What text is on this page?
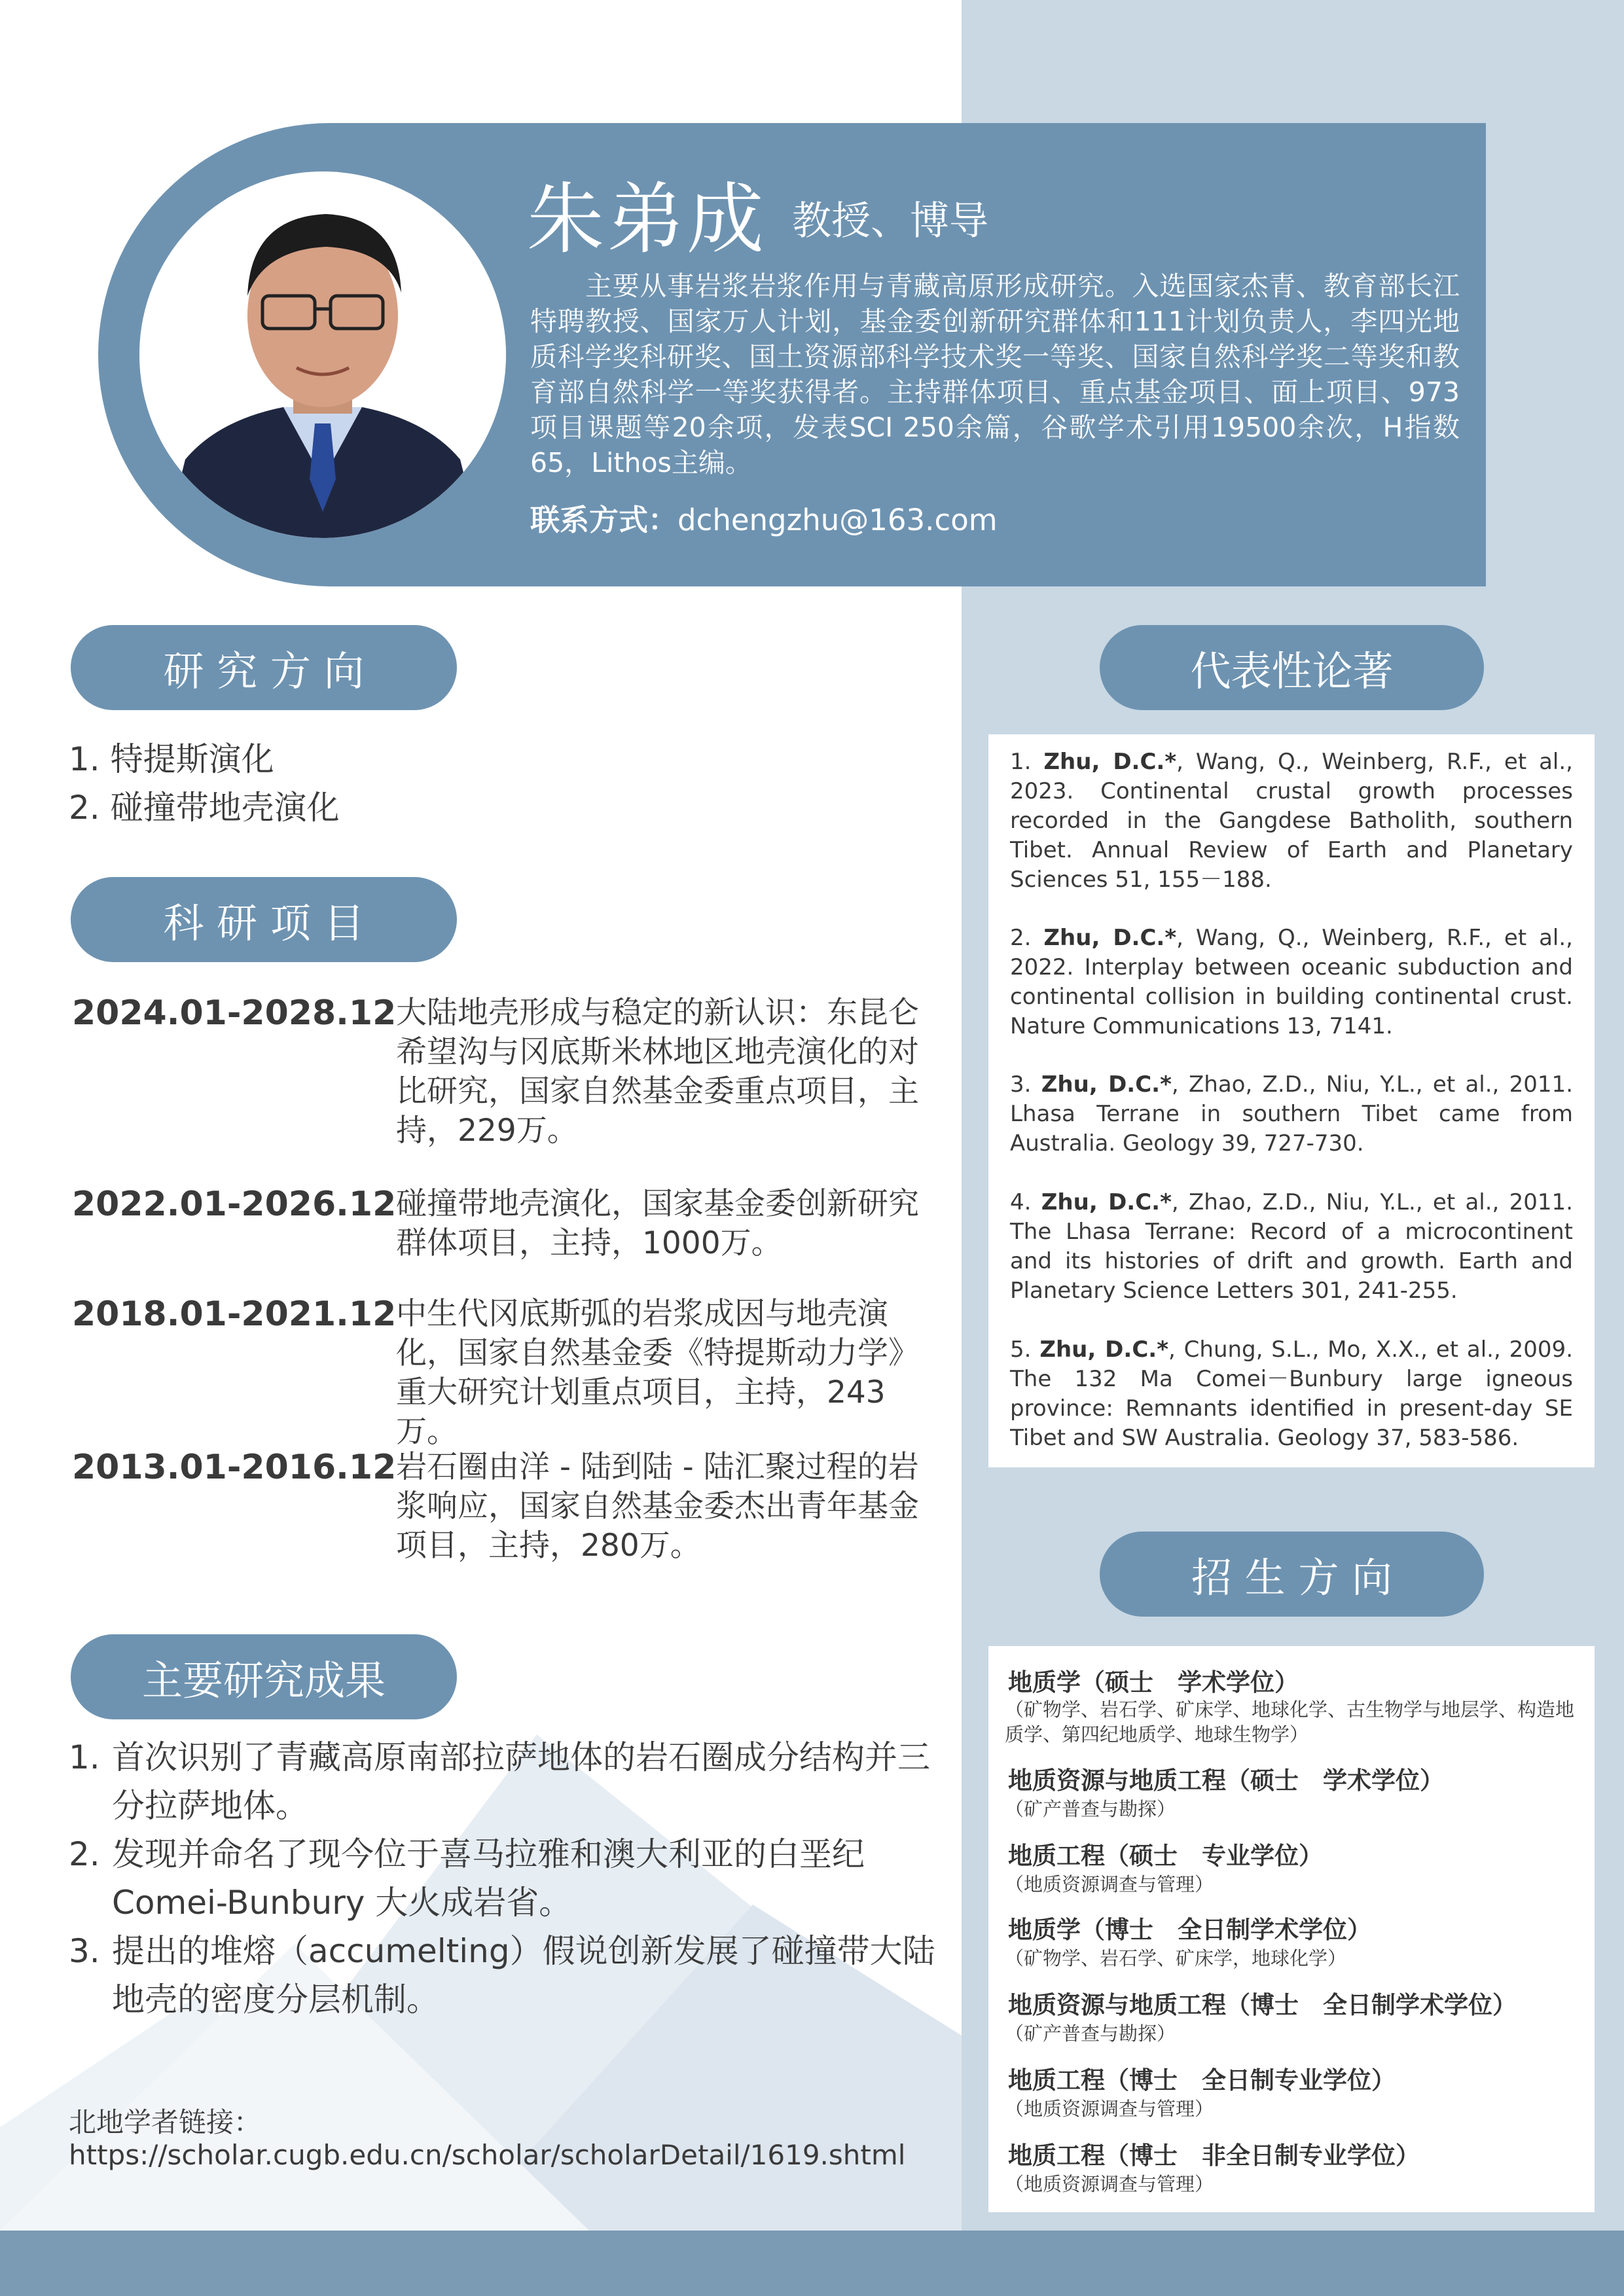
朱弟成 教授、博导
主要从事岩浆岩浆作用与青藏高原形成研究。入选国家杰青、教育部长江特聘教授、国家万人计划，基金委创新研究群体和111计划负责人，李四光地质科学奖科研奖、国土资源部科学技术奖一等奖、国家自然科学奖二等奖和教育部自然科学一等奖获得者。主持群体项目、重点基金项目、面上项目、973项目课题等20余项，发表SCI 250余篇，谷歌学术引用19500余次，H指数65，Lithos主编。
联系方式：dchengzhu@163.com
研 究 方 向
1. 特提斯演化
2. 碰撞带地壳演化
科 研 项 目
2024.01-2028.12 大陆地壳形成与稳定的新认识：东昆仑希望沟与冈底斯米林地区地壳演化的对比研究，国家自然基金委重点项目，主持，229万。
2022.01-2026.12 碰撞带地壳演化，国家基金委创新研究群体项目，主持，1000万。
2018.01-2021.12 中生代冈底斯弧的岩浆成因与地壳演化，国家自然基金委《特提斯动力学》重大研究计划重点项目，主持，243万。
2013.01-2016.12 岩石圈由洋 - 陆到陆 - 陆汇聚过程的岩浆响应，国家自然基金委杰出青年基金项目，主持，280万。
主要研究成果
1. 首次识别了青藏高原南部拉萨地体的岩石圈成分结构并三分拉萨地体。
2. 发现并命名了现今位于喜马拉雅和澳大利亚的白垩纪Comei-Bunbury 大火成岩省。
3. 提出的堆熔（accumelting）假说创新发展了碰撞带大陆地壳的密度分层机制。
北地学者链接：
https://scholar.cugb.edu.cn/scholar/scholarDetail/1619.shtml
代表性论著
1. Zhu, D.C.*, Wang, Q., Weinberg, R.F., et al., 2023. Continental crustal growth processes recorded in the Gangdese Batholith, southern Tibet. Annual Review of Earth and Planetary Sciences 51, 155－188.
2. Zhu, D.C.*, Wang, Q., Weinberg, R.F., et al., 2022. Interplay between oceanic subduction and continental collision in building continental crust. Nature Communications 13, 7141.
3. Zhu, D.C.*, Zhao, Z.D., Niu, Y.L., et al., 2011. Lhasa Terrane in southern Tibet came from Australia. Geology 39, 727-730.
4. Zhu, D.C.*, Zhao, Z.D., Niu, Y.L., et al., 2011. The Lhasa Terrane: Record of a microcontinent and its histories of drift and growth. Earth and Planetary Science Letters 301, 241-255.
5. Zhu, D.C.*, Chung, S.L., Mo, X.X., et al., 2009. The 132 Ma Comei－Bunbury large igneous province: Remnants identified in present-day SE Tibet and SW Australia. Geology 37, 583-586.
招 生 方 向
地质学（硕士　学术学位）
（矿物学、岩石学、矿床学、地球化学、古生物学与地层学、构造地质学、第四纪地质学、地球生物学）
地质资源与地质工程（硕士　学术学位）
（矿产普查与勘探）
地质工程（硕士　专业学位）
（地质资源调查与管理）
地质学（博士　全日制学术学位）
（矿物学、岩石学、矿床学，地球化学）
地质资源与地质工程（博士　全日制学术学位）
（矿产普查与勘探）
地质工程（博士　全日制专业学位）
（地质资源调查与管理）
地质工程（博士　非全日制专业学位）
（地质资源调查与管理）
